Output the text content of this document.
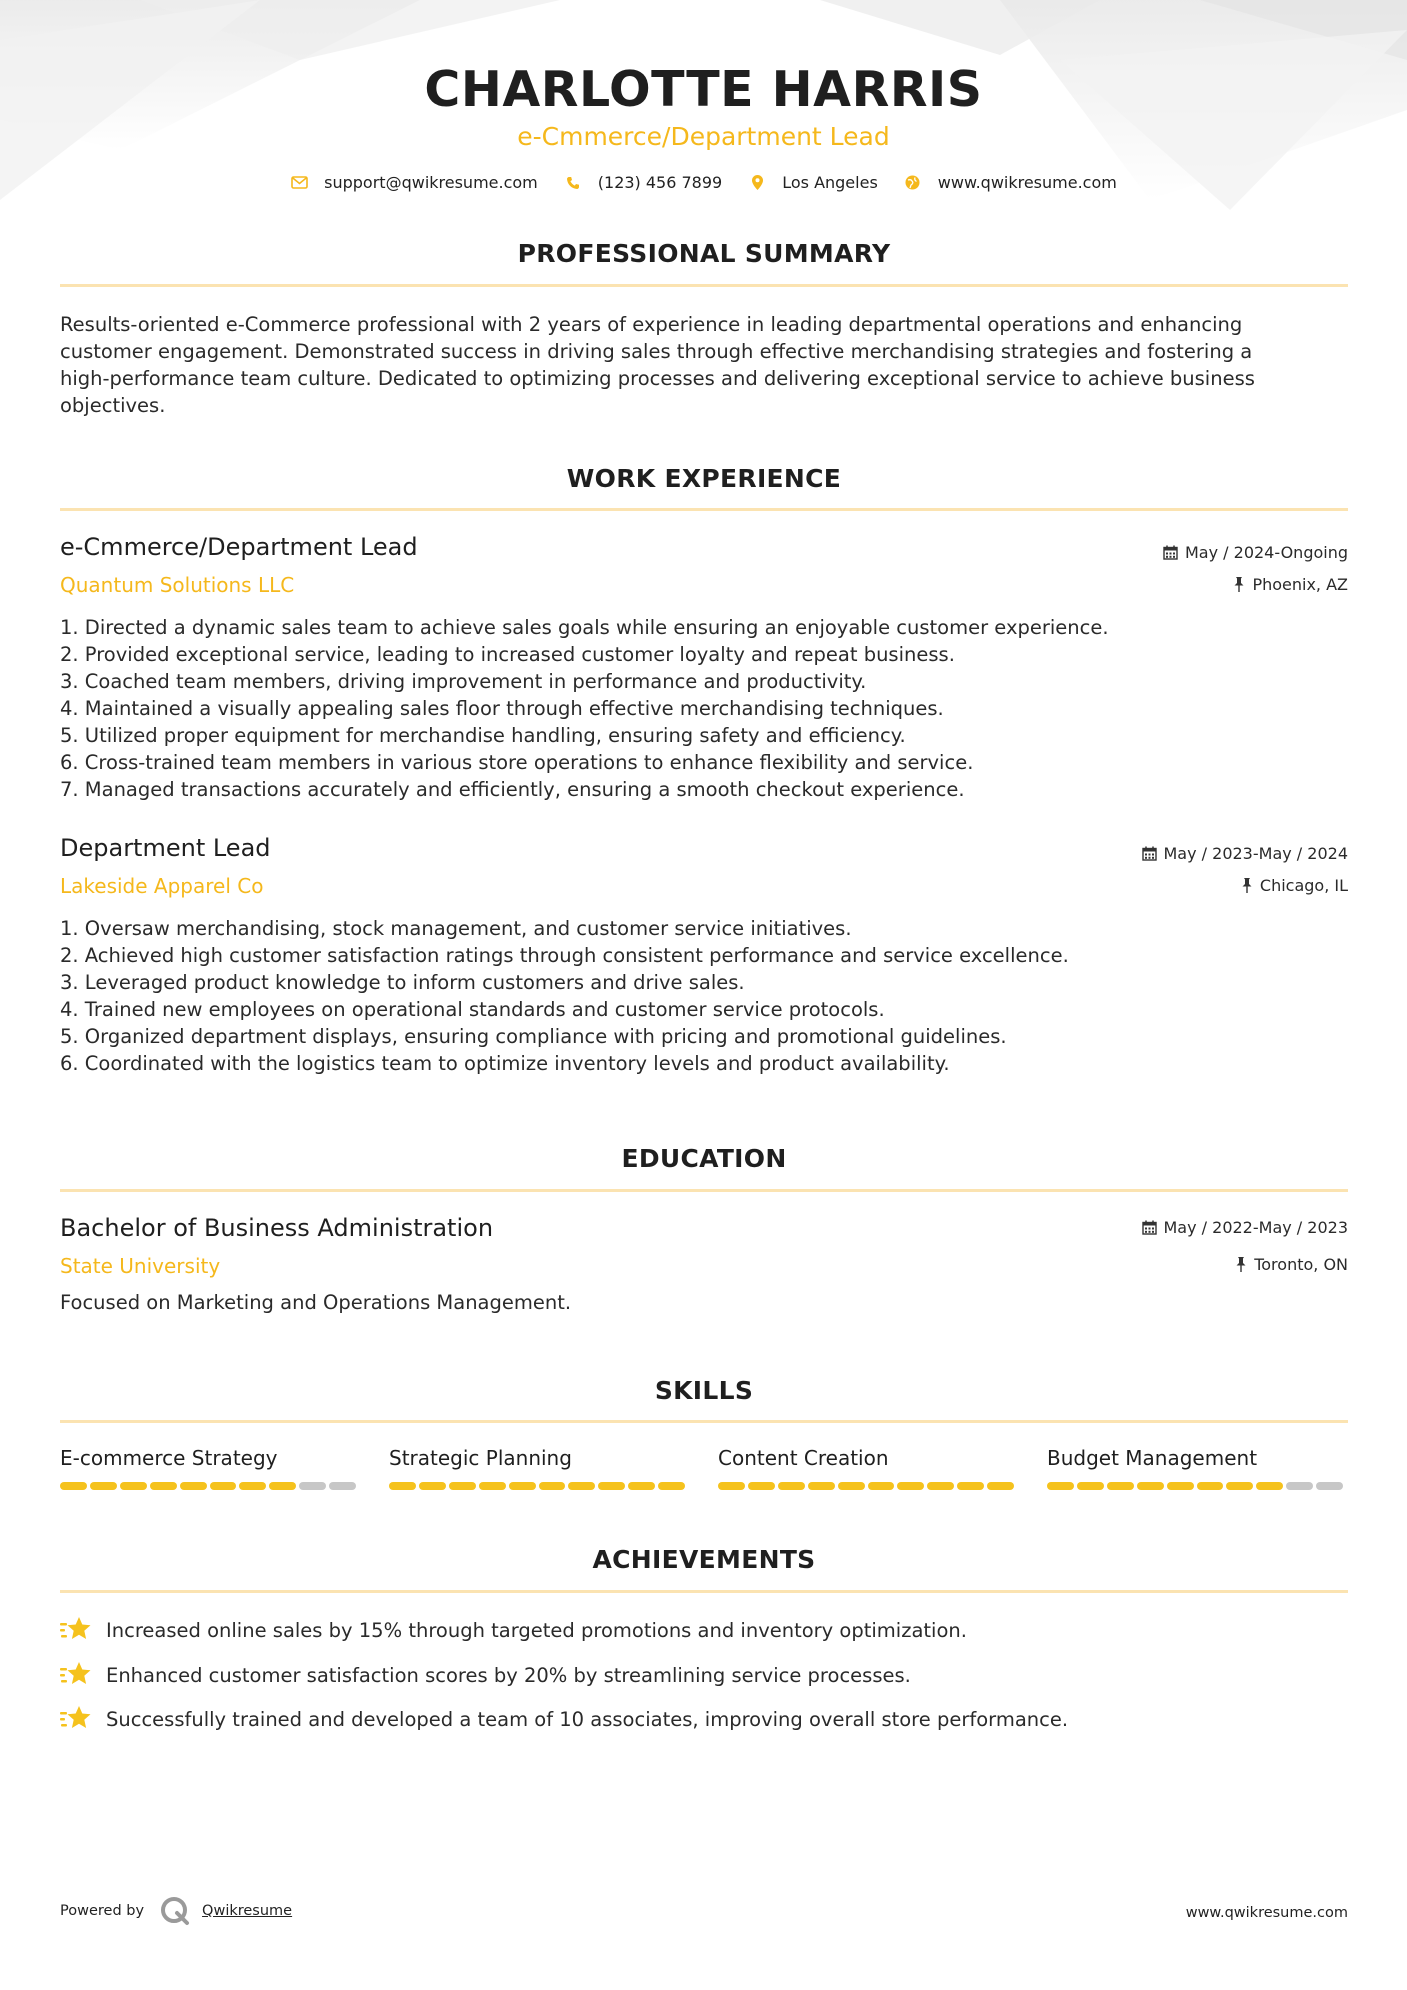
CHARLOTTE HARRIS
e-Cmmerce/Department Lead
support@qwikresume.com	(123) 456 7899	Los Angeles	www.qwikresume.com
PROFESSIONAL SUMMARY
Results-oriented e-Commerce professional with 2 years of experience in leading departmental operations and enhancing
customer engagement. Demonstrated success in driving sales through effective merchandising strategies and fostering a
high-performance team culture. Dedicated to optimizing processes and delivering exceptional service to achieve business
objectives.
WORK EXPERIENCE
e-Cmmerce/Department Lead
Quantum Solutions LLC
May / 2024-Ongoing
Phoenix, AZ
1. Directed a dynamic sales team to achieve sales goals while ensuring an enjoyable customer experience.
2. Provided exceptional service, leading to increased customer loyalty and repeat business.
3. Coached team members, driving improvement in performance and productivity.
4. Maintained a visually appealing sales floor through effective merchandising techniques.
5. Utilized proper equipment for merchandise handling, ensuring safety and efficiency.
6. Cross-trained team members in various store operations to enhance flexibility and service.
7. Managed transactions accurately and efficiently, ensuring a smooth checkout experience.
Department Lead
Lakeside Apparel Co
May / 2023-May / 2024
Chicago, IL
1. Oversaw merchandising, stock management, and customer service initiatives.
2. Achieved high customer satisfaction ratings through consistent performance and service excellence.
3. Leveraged product knowledge to inform customers and drive sales.
4. Trained new employees on operational standards and customer service protocols.
5. Organized department displays, ensuring compliance with pricing and promotional guidelines.
6. Coordinated with the logistics team to optimize inventory levels and product availability.
EDUCATION
Bachelor of Business Administration
State University
May / 2022-May / 2023
Toronto, ON
Focused on Marketing and Operations Management.
SKILLS
E-commerce Strategy	Strategic Planning	Content Creation	Budget Management
ACHIEVEMENTS
Increased online sales by 15% through targeted promotions and inventory optimization.
Enhanced customer satisfaction scores by 20% by streamlining service processes.
Successfully trained and developed a team of 10 associates, improving overall store performance.
Powered by	Qwikresume	www.qwikresume.com
